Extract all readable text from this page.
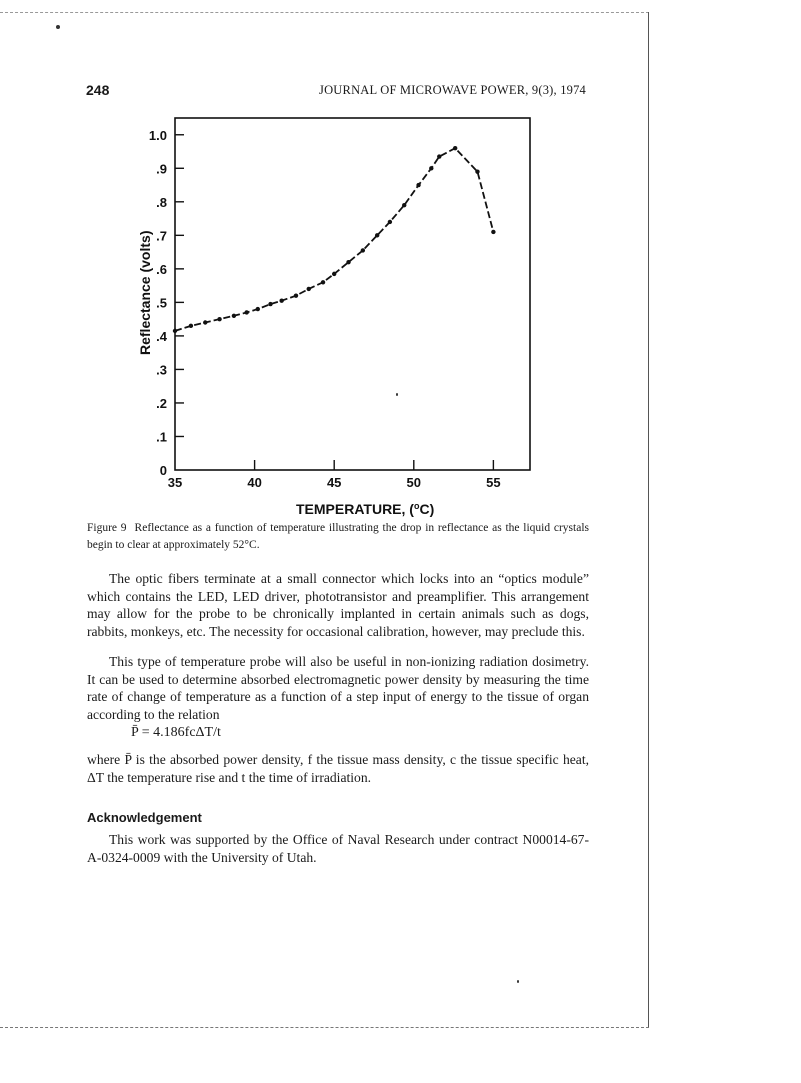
248	JOURNAL OF MICROWAVE POWER, 9(3), 1974
0
.1
.2
.3
.4
.5
.6
.7
.8
.9
1.0
35	40	45	50	55
TEMPERATURE, ($^o$C)
Reflectance (volts)

Figure 9 Reflectance as a function of temperature illustrating the drop in reflectance as the liquid crystals begin to clear at approximately 52°C.

The optic fibers terminate at a small connector which locks into an “optics module” which contains the LED, LED driver, phototransistor and preamplifier. This arrangement may allow for the probe to be chronically implanted in certain animals such as dogs, rabbits, monkeys, etc. The necessity for occasional calibration, however, may preclude this.

This type of temperature probe will also be useful in non-ionizing radiation dosimetry. It can be used to determine absorbed electromagnetic power density by measuring the time rate of change of temperature as a function of a step input of energy to the tissue of organ according to the relation

P̄ = 4.186fcΔT/t

where P̄ is the absorbed power density, f the tissue mass density, c the tissue specific heat, ΔT the temperature rise and t the time of irradiation.

Acknowledgement

This work was supported by the Office of Naval Research under contract N00014-67-A-0324-0009 with the University of Utah.
